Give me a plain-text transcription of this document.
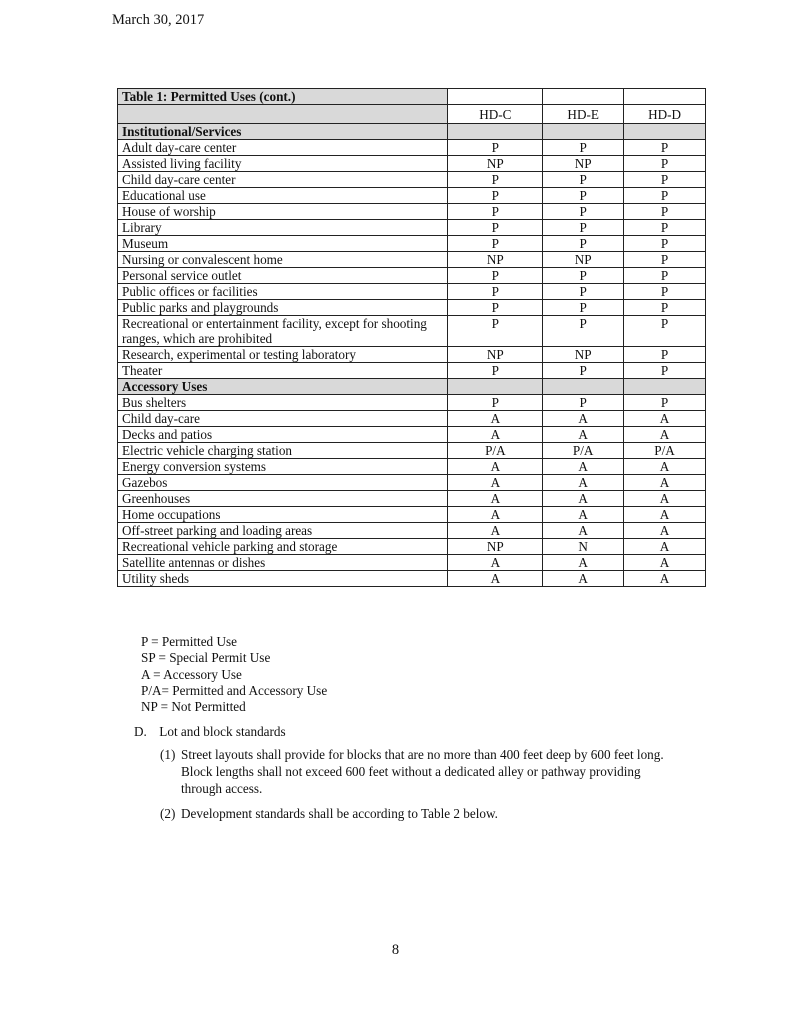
March 30, 2017
Table 1: Permitted Uses (cont.)			
	HD-C	HD-E	HD-D
Institutional/Services			
Adult day-care center	P	P	P
Assisted living facility	NP	NP	P
Child day-care center	P	P	P
Educational use	P	P	P
House of worship	P	P	P
Library	P	P	P
Museum	P	P	P
Nursing or convalescent home	NP	NP	P
Personal service outlet	P	P	P
Public offices or facilities	P	P	P
Public parks and playgrounds	P	P	P
Recreational or entertainment facility, except for shooting ranges, which are prohibited	P	P	P
Research, experimental or testing laboratory	NP	NP	P
Theater	P	P	P
Accessory Uses			
Bus shelters	P	P	P
Child day-care	A	A	A
Decks and patios	A	A	A
Electric vehicle charging station	P/A	P/A	P/A
Energy conversion systems	A	A	A
Gazebos	A	A	A
Greenhouses	A	A	A
Home occupations	A	A	A
Off-street parking and loading areas	A	A	A
Recreational vehicle parking and storage	NP	N	A
Satellite antennas or dishes	A	A	A
Utility sheds	A	A	A
P = Permitted Use
SP = Special Permit Use
A = Accessory Use
P/A= Permitted and Accessory Use
NP = Not Permitted
D. Lot and block standards
(1) Street layouts shall provide for blocks that are no more than 400 feet deep by 600 feet long. Block lengths shall not exceed 600 feet without a dedicated alley or pathway providing through access.
(2) Development standards shall be according to Table 2 below.
8
